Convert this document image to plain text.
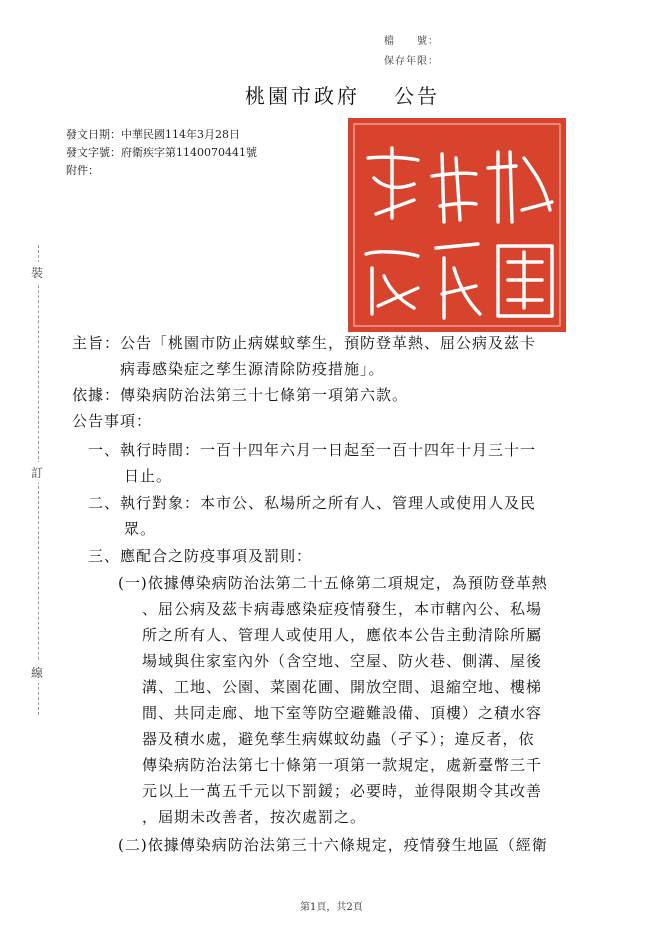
裝
訂
線
檔　　號：
保存年限：
桃園市政府 公告
發文日期：中華民國114年3月28日
發文字號：府衛疾字第1140070441號
附件：
主旨：公告「桃園市防止病媒蚊孳生，預防登革熱、屈公病及茲卡
病毒感染症之孳生源清除防疫措施」。
依據：傳染病防治法第三十七條第一項第六款。
公告事項：
一、執行時間：一百十四年六月一日起至一百十四年十月三十一
日止。
二、執行對象：本市公、私場所之所有人、管理人或使用人及民
眾。
三、應配合之防疫事項及罰則：
(一)依據傳染病防治法第二十五條第二項規定，為預防登革熱
、屈公病及茲卡病毒感染症疫情發生，本市轄內公、私場
所之所有人、管理人或使用人，應依本公告主動清除所屬
場域與住家室內外（含空地、空屋、防火巷、側溝、屋後
溝、工地、公園、菜園花圃、開放空間、退縮空地、樓梯
間、共同走廊、地下室等防空避難設備、頂樓）之積水容
器及積水處，避免孳生病媒蚊幼蟲（孑孓）；違反者，依
傳染病防治法第七十條第一項第一款規定，處新臺幣三千
元以上一萬五千元以下罰鍰；必要時，並得限期令其改善
，屆期未改善者，按次處罰之。
(二)依據傳染病防治法第三十六條規定，疫情發生地區（經衛
第1頁，共2頁
